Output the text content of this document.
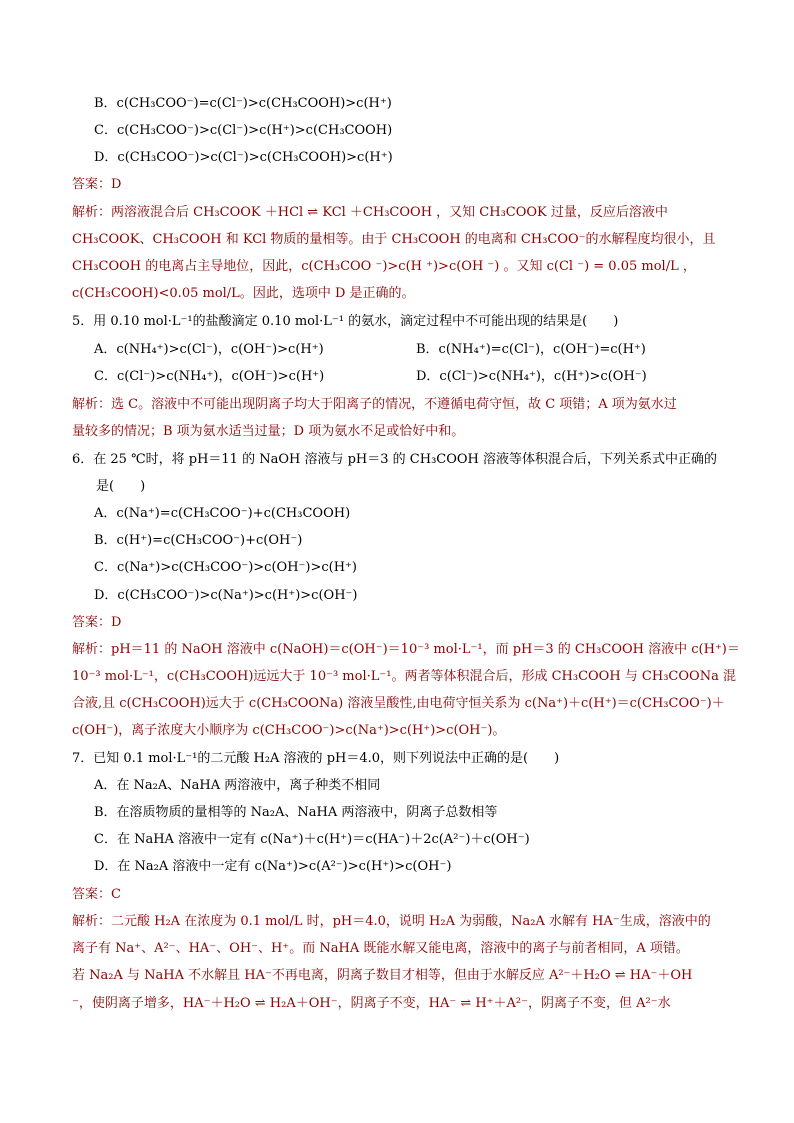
B．c(CH₃COO⁻)=c(Cl⁻)>c(CH₃COOH)>c(H⁺)
C．c(CH₃COO⁻)>c(Cl⁻)>c(H⁺)>c(CH₃COOH)
D．c(CH₃COO⁻)>c(Cl⁻)>c(CH₃COOH)>c(H⁺)
答案：D
解析：两溶液混合后 CH₃COOK ＋HCl ⇌ KCl ＋CH₃COOH ，又知 CH₃COOK 过量，反应后溶液中
CH₃COOK、CH₃COOH 和 KCl 物质的量相等。由于 CH₃COOH 的电离和 CH₃COO⁻的水解程度均很小，且
CH₃COOH 的电离占主导地位，因此，c(CH₃COO ⁻)>c(H ⁺)>c(OH ⁻) 。又知 c(Cl ⁻) = 0.05 mol/L ，
c(CH₃COOH)<0.05 mol/L。因此，选项中 D 是正确的。
5．用 0.10 mol·L⁻¹的盐酸滴定 0.10 mol·L⁻¹ 的氨水，滴定过程中不可能出现的结果是(　　)
A．c(NH₄⁺)>c(Cl⁻)，c(OH⁻)>c(H⁺)	B．c(NH₄⁺)=c(Cl⁻)，c(OH⁻)=c(H⁺)
C．c(Cl⁻)>c(NH₄⁺)，c(OH⁻)>c(H⁺)	D．c(Cl⁻)>c(NH₄⁺)，c(H⁺)>c(OH⁻)
解析：选 C。溶液中不可能出现阴离子均大于阳离子的情况，不遵循电荷守恒，故 C 项错；A 项为氨水过
量较多的情况；B 项为氨水适当过量；D 项为氨水不足或恰好中和。
6．在 25 ℃时，将 pH＝11 的 NaOH 溶液与 pH＝3 的 CH₃COOH 溶液等体积混合后，下列关系式中正确的
是(　　)
A．c(Na⁺)=c(CH₃COO⁻)+c(CH₃COOH)
B．c(H⁺)=c(CH₃COO⁻)+c(OH⁻)
C．c(Na⁺)>c(CH₃COO⁻)>c(OH⁻)>c(H⁺)
D．c(CH₃COO⁻)>c(Na⁺)>c(H⁺)>c(OH⁻)
答案：D
解析：pH＝11 的 NaOH 溶液中 c(NaOH)＝c(OH⁻)＝10⁻³ mol·L⁻¹，而 pH＝3 的 CH₃COOH 溶液中 c(H⁺)＝
10⁻³ mol·L⁻¹，c(CH₃COOH)远远大于 10⁻³ mol·L⁻¹。两者等体积混合后，形成 CH₃COOH 与 CH₃COONa 混
合液,且 c(CH₃COOH)远大于 c(CH₃COONa) 溶液呈酸性,由电荷守恒关系为 c(Na⁺)＋c(H⁺)＝c(CH₃COO⁻)＋
c(OH⁻)，离子浓度大小顺序为 c(CH₃COO⁻)>c(Na⁺)>c(H⁺)>c(OH⁻)。
7．已知 0.1 mol·L⁻¹的二元酸 H₂A 溶液的 pH＝4.0，则下列说法中正确的是(　　)
A．在 Na₂A、NaHA 两溶液中，离子种类不相同
B．在溶质物质的量相等的 Na₂A、NaHA 两溶液中，阴离子总数相等
C．在 NaHA 溶液中一定有 c(Na⁺)＋c(H⁺)＝c(HA⁻)＋2c(A²⁻)＋c(OH⁻)
D．在 Na₂A 溶液中一定有 c(Na⁺)>c(A²⁻)>c(H⁺)>c(OH⁻)
答案：C
解析：二元酸 H₂A 在浓度为 0.1 mol/L 时，pH＝4.0，说明 H₂A 为弱酸，Na₂A 水解有 HA⁻生成，溶液中的
离子有 Na⁺、A²⁻、HA⁻、OH⁻、H⁺。而 NaHA 既能水解又能电离，溶液中的离子与前者相同，A 项错。
若 Na₂A 与 NaHA 不水解且 HA⁻不再电离，阴离子数目才相等，但由于水解反应 A²⁻＋H₂O ⇌ HA⁻＋OH
⁻，使阴离子增多，HA⁻＋H₂O ⇌ H₂A＋OH⁻，阴离子不变，HA⁻ ⇌ H⁺＋A²⁻，阴离子不变，但 A²⁻水
